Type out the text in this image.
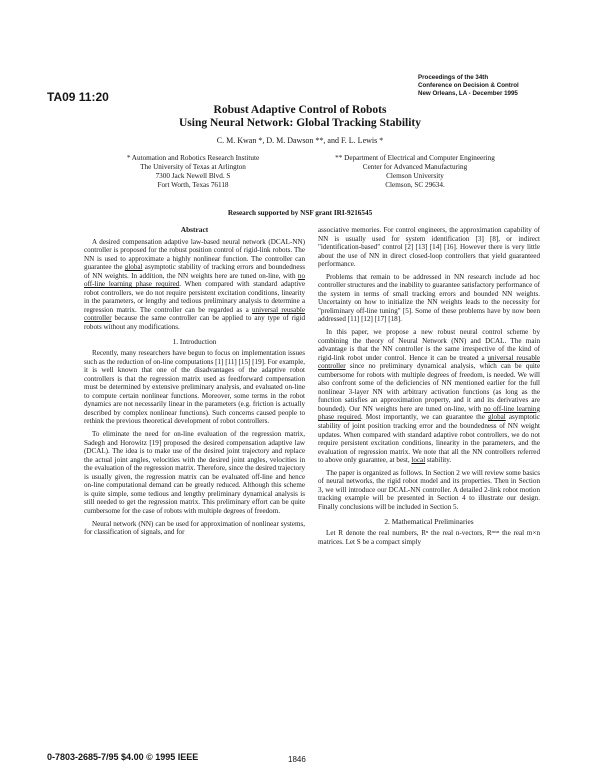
TA09 11:20
Proceedings of the 34th
Conference on Decision & Control
New Orleans, LA - December 1995
Robust Adaptive Control of Robots
Using Neural Network: Global Tracking Stability
C. M. Kwan *, D. M. Dawson **, and F. L. Lewis *
* Automation and Robotics Research Institute
The University of Texas at Arlington
7300 Jack Newell Blvd. S
Fort Worth, Texas 76118
** Department of Electrical and Computer Engineering
Center for Advanced Manufacturing
Clemson University
Clemson, SC 29634.
Research supported by NSF grant IRI-9216545
Abstract

A desired compensation adaptive law-based neural network (DCAL-NN) controller is proposed for the robust position control of rigid-link robots. The NN is used to approximate a highly nonlinear function. The controller can guarantee the global asymptotic stability of tracking errors and boundedness of NN weights. In addition, the NN weights here are tuned on-line, with no off-line learning phase required. When compared with standard adaptive robot controllers, we do not require persistent excitation conditions, linearity in the parameters, or lengthy and tedious preliminary analysis to determine a regression matrix. The controller can be regarded as a universal reusable controller because the same controller can be applied to any type of rigid robots without any modifications.

1. Introduction

Recently, many researchers have begun to focus on implementation issues such as the reduction of on-line computations [1] [11] [15] [19]. For example, it is well known that one of the disadvantages of the adaptive robot controllers is that the regression matrix used as feedforward compensation must be determined by extensive preliminary analysis, and evaluated on-line to compute certain nonlinear functions. Moreover, some terms in the robot dynamics are not necessarily linear in the parameters (e.g. friction is actually described by complex nonlinear functions). Such concerns caused people to rethink the previous theoretical development of robot controllers.

To eliminate the need for on-line evaluation of the regression matrix, Sadegh and Horowitz [19] proposed the desired compensation adaptive law (DCAL). The idea is to make use of the desired joint trajectory and replace the actual joint angles, velocities with the desired joint angles, velocities in the evaluation of the regression matrix. Therefore, since the desired trajectory is usually given, the regression matrix can be evaluated off-line and hence on-line computational demand can be greatly reduced. Although this scheme is quite simple, some tedious and lengthy preliminary dynamical analysis is still needed to get the regression matrix. This preliminary effort can be quite cumbersome for the case of robots with multiple degrees of freedom.

Neural network (NN) can be used for approximation of nonlinear systems, for classification of signals, and for

associative memories. For control engineers, the approximation capability of NN is usually used for system identification [3] [8], or indirect "identification-based" control [2] [13] [14] [16]. However there is very little about the use of NN in direct closed-loop controllers that yield guaranteed performance.

Problems that remain to be addressed in NN research include ad hoc controller structures and the inability to guarantee satisfactory performance of the system in terms of small tracking errors and bounded NN weights. Uncertainty on how to initialize the NN weights leads to the necessity for "preliminary off-line tuning" [5]. Some of these problems have by now been addressed [11] [12] [17] [18].

In this paper, we propose a new robust neural control scheme by combining the theory of Neural Network (NN) and DCAL. The main advantage is that the NN controller is the same irrespective of the kind of rigid-link robot under control. Hence it can be treated a universal reusable controller since no preliminary dynamical analysis, which can be quite cumbersome for robots with multiple degrees of freedom, is needed. We will also confront some of the deficiencies of NN mentioned earlier for the full nonlinear 3-layer NN with arbitrary activation functions (as long as the function satisfies an approximation property, and it and its derivatives are bounded). Our NN weights here are tuned on-line, with no off-line learning phase required. Most importantly, we can guarantee the global asymptotic stability of joint position tracking error and the boundedness of NN weight updates. When compared with standard adaptive robot controllers, we do not require persistent excitation conditions, linearity in the parameters, and the evaluation of regression matrix. We note that all the NN controllers referred to above only guarantee, at best, local stability.

The paper is organized as follows. In Section 2 we will review some basics of neural networks, the rigid robot model and its properties. Then in Section 3, we will introduce our DCAL-NN controller. A detailed 2-link robot motion tracking example will be presented in Section 4 to illustrate our design. Finally conclusions will be included in Section 5.

2. Mathematical Preliminaries

Let R denote the real numbers, Rⁿ the real n-vectors, Rᵐˣⁿ the real m×n matrices. Let S be a compact simply

0-7803-2685-7/95 $4.00 © 1995 IEEE	1846
